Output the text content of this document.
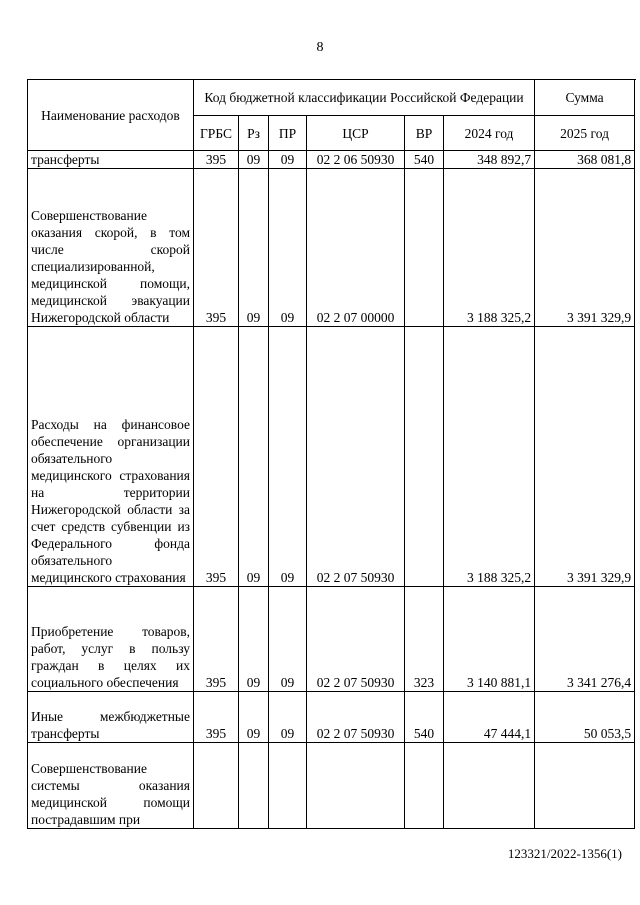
8
Наименование расходов	Код бюджетной классификации Российской Федерации						Сумма
	ГРБС	Рз	ПР	ЦСР	ВР	2024 год	2025 год
трансферты	395	09	09	02 2 06 50930	540	348 892,7	368 081,8
Совершенствование оказания скорой, в том числе скорой специализированной, медицинской помощи, медицинской эвакуации Нижегородской области	395	09	09	02 2 07 00000		3 188 325,2	3 391 329,9
Расходы на финансовое обеспечение организации обязательного медицинского страхования на территории Нижегородской области за счет средств субвенции из Федерального фонда обязательного медицинского страхования	395	09	09	02 2 07 50930		3 188 325,2	3 391 329,9
Приобретение товаров, работ, услуг в пользу граждан в целях их социального обеспечения	395	09	09	02 2 07 50930	323	3 140 881,1	3 341 276,4
Иные межбюджетные трансферты	395	09	09	02 2 07 50930	540	47 444,1	50 053,5
Совершенствование системы оказания медицинской помощи пострадавшим при							
123321/2022-1356(1)
